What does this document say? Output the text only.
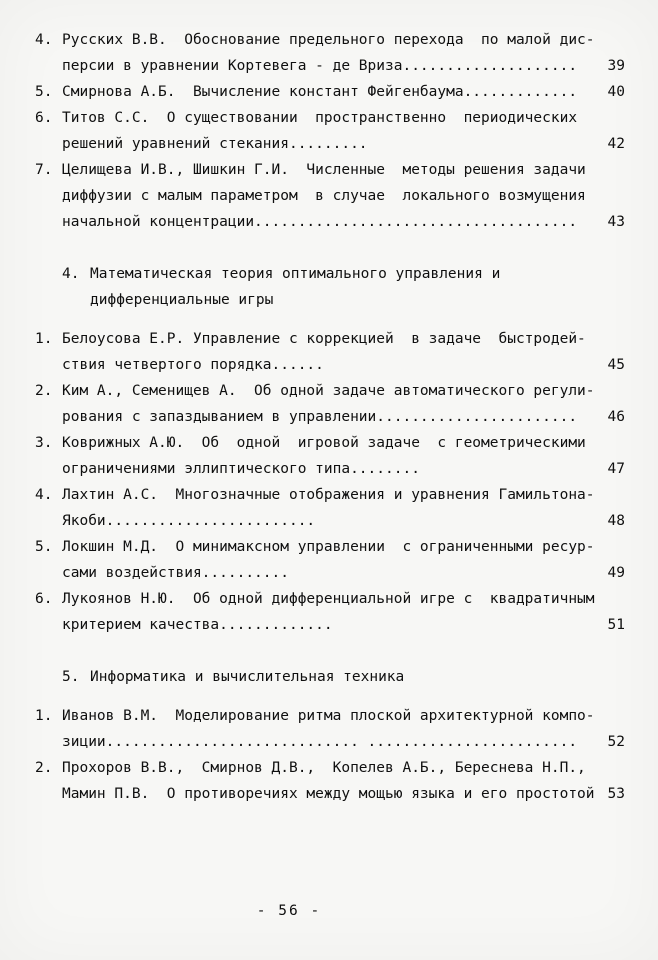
4. Русских В.В.  Обоснование предельного перехода  по малой дис-
персии в уравнении Кортевега - де Вриза....................	39
5. Смирнова А.Б.  Вычисление констант Фейгенбаума.............	40
6. Титов С.С.  О существовании  пространственно  периодических
решений уравнений стекания.........	42
7. Целищева И.В., Шишкин Г.И.  Численные  методы решения задачи
диффузии с малым параметром  в случае  локального возмущения
начальной концентрации.....................................	43
4. Математическая теория оптимального управления и
дифференциальные игры
1. Белоусова Е.Р. Управление с коррекцией  в задаче  быстродей-
ствия четвертого порядка......	45
2. Ким А., Семенищев А.  Об одной задаче автоматического регули-
рования с запаздыванием в управлении.......................	46
3. Коврижных А.Ю.  Об  одной  игровой задаче  с геометрическими
ограничениями эллиптического типа........	47
4. Лахтин А.С.  Многозначные отображения и уравнения Гамильтона-
Якоби........................	48
5. Локшин М.Д.  О минимаксном управлении  с ограниченными ресур-
сами воздействия..........	49
6. Лукоянов Н.Ю.  Об одной дифференциальной игре с  квадратичным
критерием качества.............	51
5. Информатика и вычислительная техника
1. Иванов В.М.  Моделирование ритма плоской архитектурной компо-
зиции............................. ........................	52
2. Прохоров В.В.,  Смирнов Д.В.,  Копелев А.Б., Береснева Н.П.,
Мамин П.В.  О противоречиях между мощью языка и его простотой 53
- 56 -
